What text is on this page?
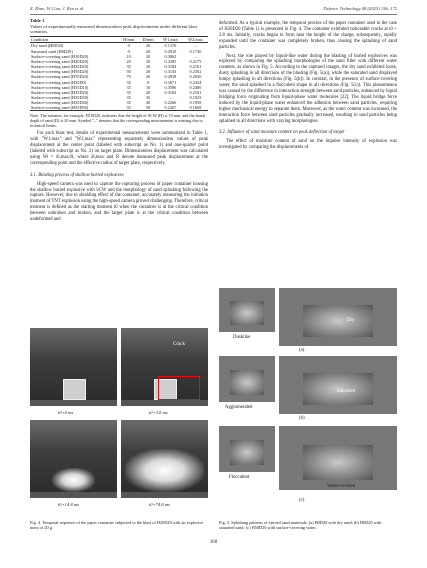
Z. Zhao, W. Gao, J. Ren et al.	Defence Technology 48 (2025) 156–172
Table 1
Values of experimentally measured dimensionless peak displacements under different blast scenarios.
Condition	H/mm	D/mm	W̄1,max	W̄2,max
Dry sand (H0D20)	0	20	0.1370	–
Saturated sand (H0D20)	0	20	0.2910	0.1736
Surface-covering sand (H10D20)	10	20	0.3062	–
Surface-covering sand (H20D20)	20	20	0.3285	0.2175
Surface-covering sand (H35D20)	35	20	0.3184	0.2161
Surface-covering sand (H50D20)	50	20	0.3145	0.2302
Surface-covering sand (H70D20)	70	20	0.2838	0.2030
Surface-covering sand (H35D0)	35	0	0.3671	0.2434
Surface-covering sand (H35D10)	35	10	0.3586	0.2400
Surface-covering sand (H35D20)	35	20	0.3184	0.2161
Surface-covering sand (H35D30)	35	30	–	0.1825
Surface-covering sand (H35D40)	35	40	0.2266	0.1958
Surface-covering sand (H35D50)	35	50	0.2267	0.1668
Note. The notation, for example, H10D20, indicates that the height of SCW (H) is 10 mm, and the burial depth of sand (D) is 20 mm. Symbol "–" denotes that the corresponding measurement is missing due to technical limits.

For each blast test, details of experimental measurements were summarized in Table 1, with "W̄1,max" and "W̄2,max" representing separately dimensionless values of peak displacement at the center point (labeled with subscript as No. 1) and one-quarter point (labeled with subscript as No. 2) on target plate. Dimensionless displacement was calculated using W̄i = δi,max/R, where δi,max and R denote measured peak displacement at the corresponding point and the effective radius of target plate, respectively.

3.1. Blasting process of shallow buried explosives

High-speed camera was used to capture the rupturing process of paper container housing the shallow buried explosive with SCW and the morphology of sand splashing following the rupture. However, due to shielding effect of the container, accurately measuring the initiation moment of TNT explosion using the high-speed camera proved challenging. Therefore, critical moment is defined as the starting moment t0 when the container is at the critical condition between unbroken and broken, and the target plate is at the critical condition between undeformed and

deformed. As a typical example, the temporal process of the paper container used in the case of H20D20 (Table 1) is presented in Fig. 4. The container exhibited noticeable cracks at t0 + 3.8 ms. Initially, cracks began to form near the height of the charge, subsequently, rapidly expanded until the container was completely broken, thus causing the splashing of sand particles.

Next, the role played by liquid-like water during the blasting of buried explosives was explored by comparing the splashing morphologies of the sand filler with different water contents, as shown in Fig. 5. According to the captured images, the dry sand exhibited loose, dusty splashing in all directions of the blasting (Fig. 5(a)), while the saturated sand displayed lumpy splashing in all directions (Fig. 5(b)). In contrast, in the presence of surface-covering water, the sand splashed in a flocculent shape in all directions (Fig. 5(c)). This phenomenon was caused by the difference in interaction strength between sand particles, enhanced by liquid bridging force originating from liquid-phase water molecules [22]. The liquid bridge force induced by the liquid-phase water enhanced the adhesion between sand particles, requiring higher mechanical energy to separate them. Moreover, as the water content was increased, the interaction force between sand particles gradually increased, resulting in sand particles being splashed in all directions with varying morphologies.

3.2. Influence of sand moisture content on peak deflection of target

The effect of moisture content of sand on the impulse intensity of explosion was investigated by comparing the displacements of

Crack
t0+0 ms	t0+3.8 ms
t0+14.8 ms	t0+74.8 ms
Fig. 4. Temporal sequence of the paper container subjected to the blast of H20D20 with an explosive mass of 20 g.
Dusklike
Dry
(a)
Agglomerated
Saturated
(b)
Flocculent
Water-covered
(c)
Fig. 5. Splashing patterns of ejected sand materials: (a) H0D20 with dry sand; (b) H0D20 with saturated sand; (c) H50D20 with surface-covering water.
160
